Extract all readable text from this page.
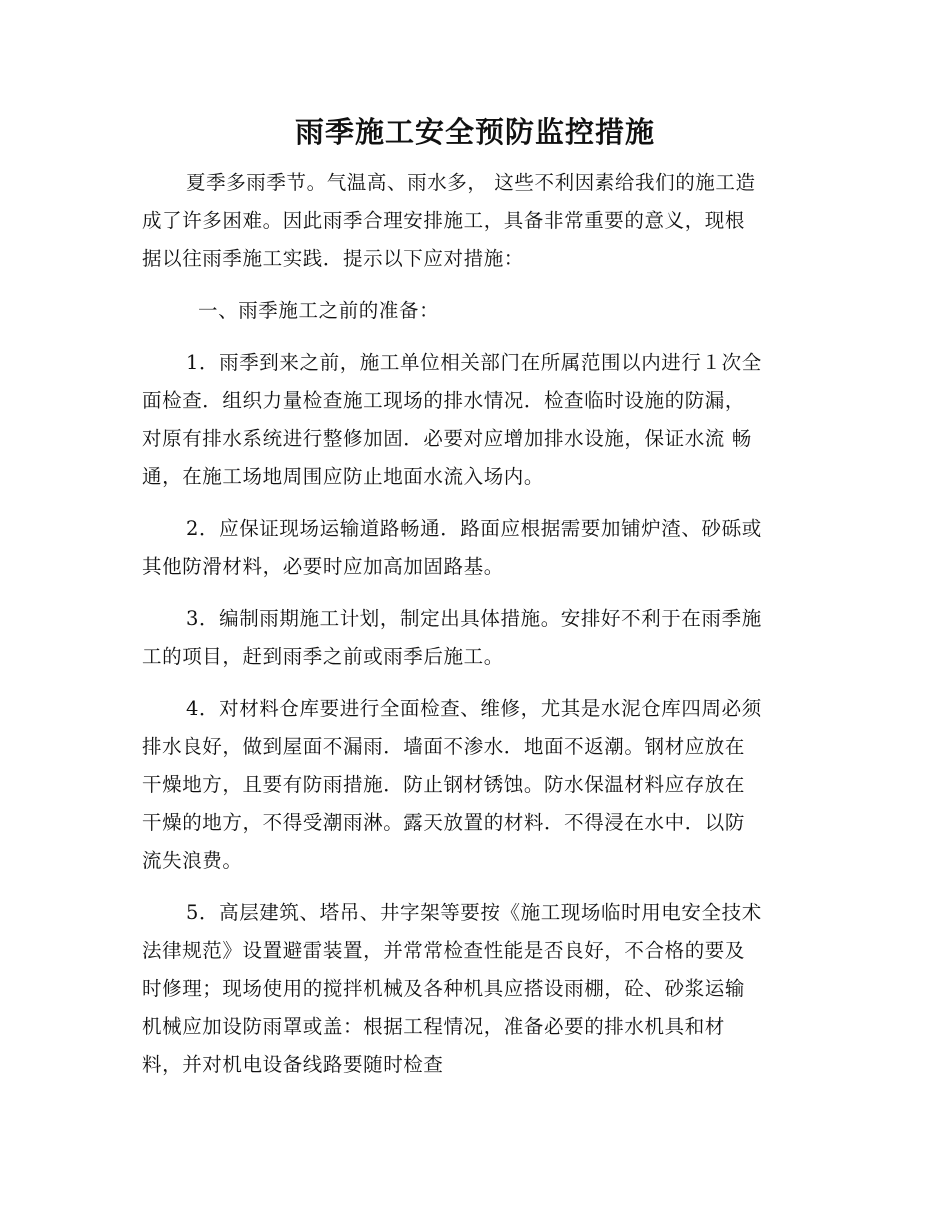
雨季施工安全预防监控措施
夏季多雨季节。气温高、雨水多， 这些不利因素给我们的施工造
成了许多困难。因此雨季合理安排施工，具备非常重要的意义，现根
据以往雨季施工实践．提示以下应对措施：
一、雨季施工之前的准备：
1．雨季到来之前，施工单位相关部门在所属范围以内进行１次全
面检查．组织力量检查施工现场的排水情况．检查临时设施的防漏，
对原有排水系统进行整修加固．必要对应增加排水设施，保证水流 畅
通，在施工场地周围应防止地面水流入场内。
2．应保证现场运输道路畅通．路面应根据需要加铺炉渣、砂砾或
其他防滑材料，必要时应加高加固路基。
3．编制雨期施工计划，制定出具体措施。安排好不利于在雨季施
工的项目，赶到雨季之前或雨季后施工。
4．对材料仓库要进行全面检查、维修，尤其是水泥仓库四周必须
排水良好，做到屋面不漏雨．墙面不渗水．地面不返潮。钢材应放在
干燥地方，且要有防雨措施．防止钢材锈蚀。防水保温材料应存放在
干燥的地方，不得受潮雨淋。露天放置的材料．不得浸在水中．以防
流失浪费。
5．高层建筑、塔吊、井字架等要按《施工现场临时用电安全技术
法律规范》设置避雷装置，并常常检查性能是否良好，不合格的要及
时修理；现场使用的搅拌机械及各种机具应搭设雨棚，砼、砂浆运输
机械应加设防雨罩或盖：根据工程情况，准备必要的排水机具和材
料，并对机电设备线路要随时检查
